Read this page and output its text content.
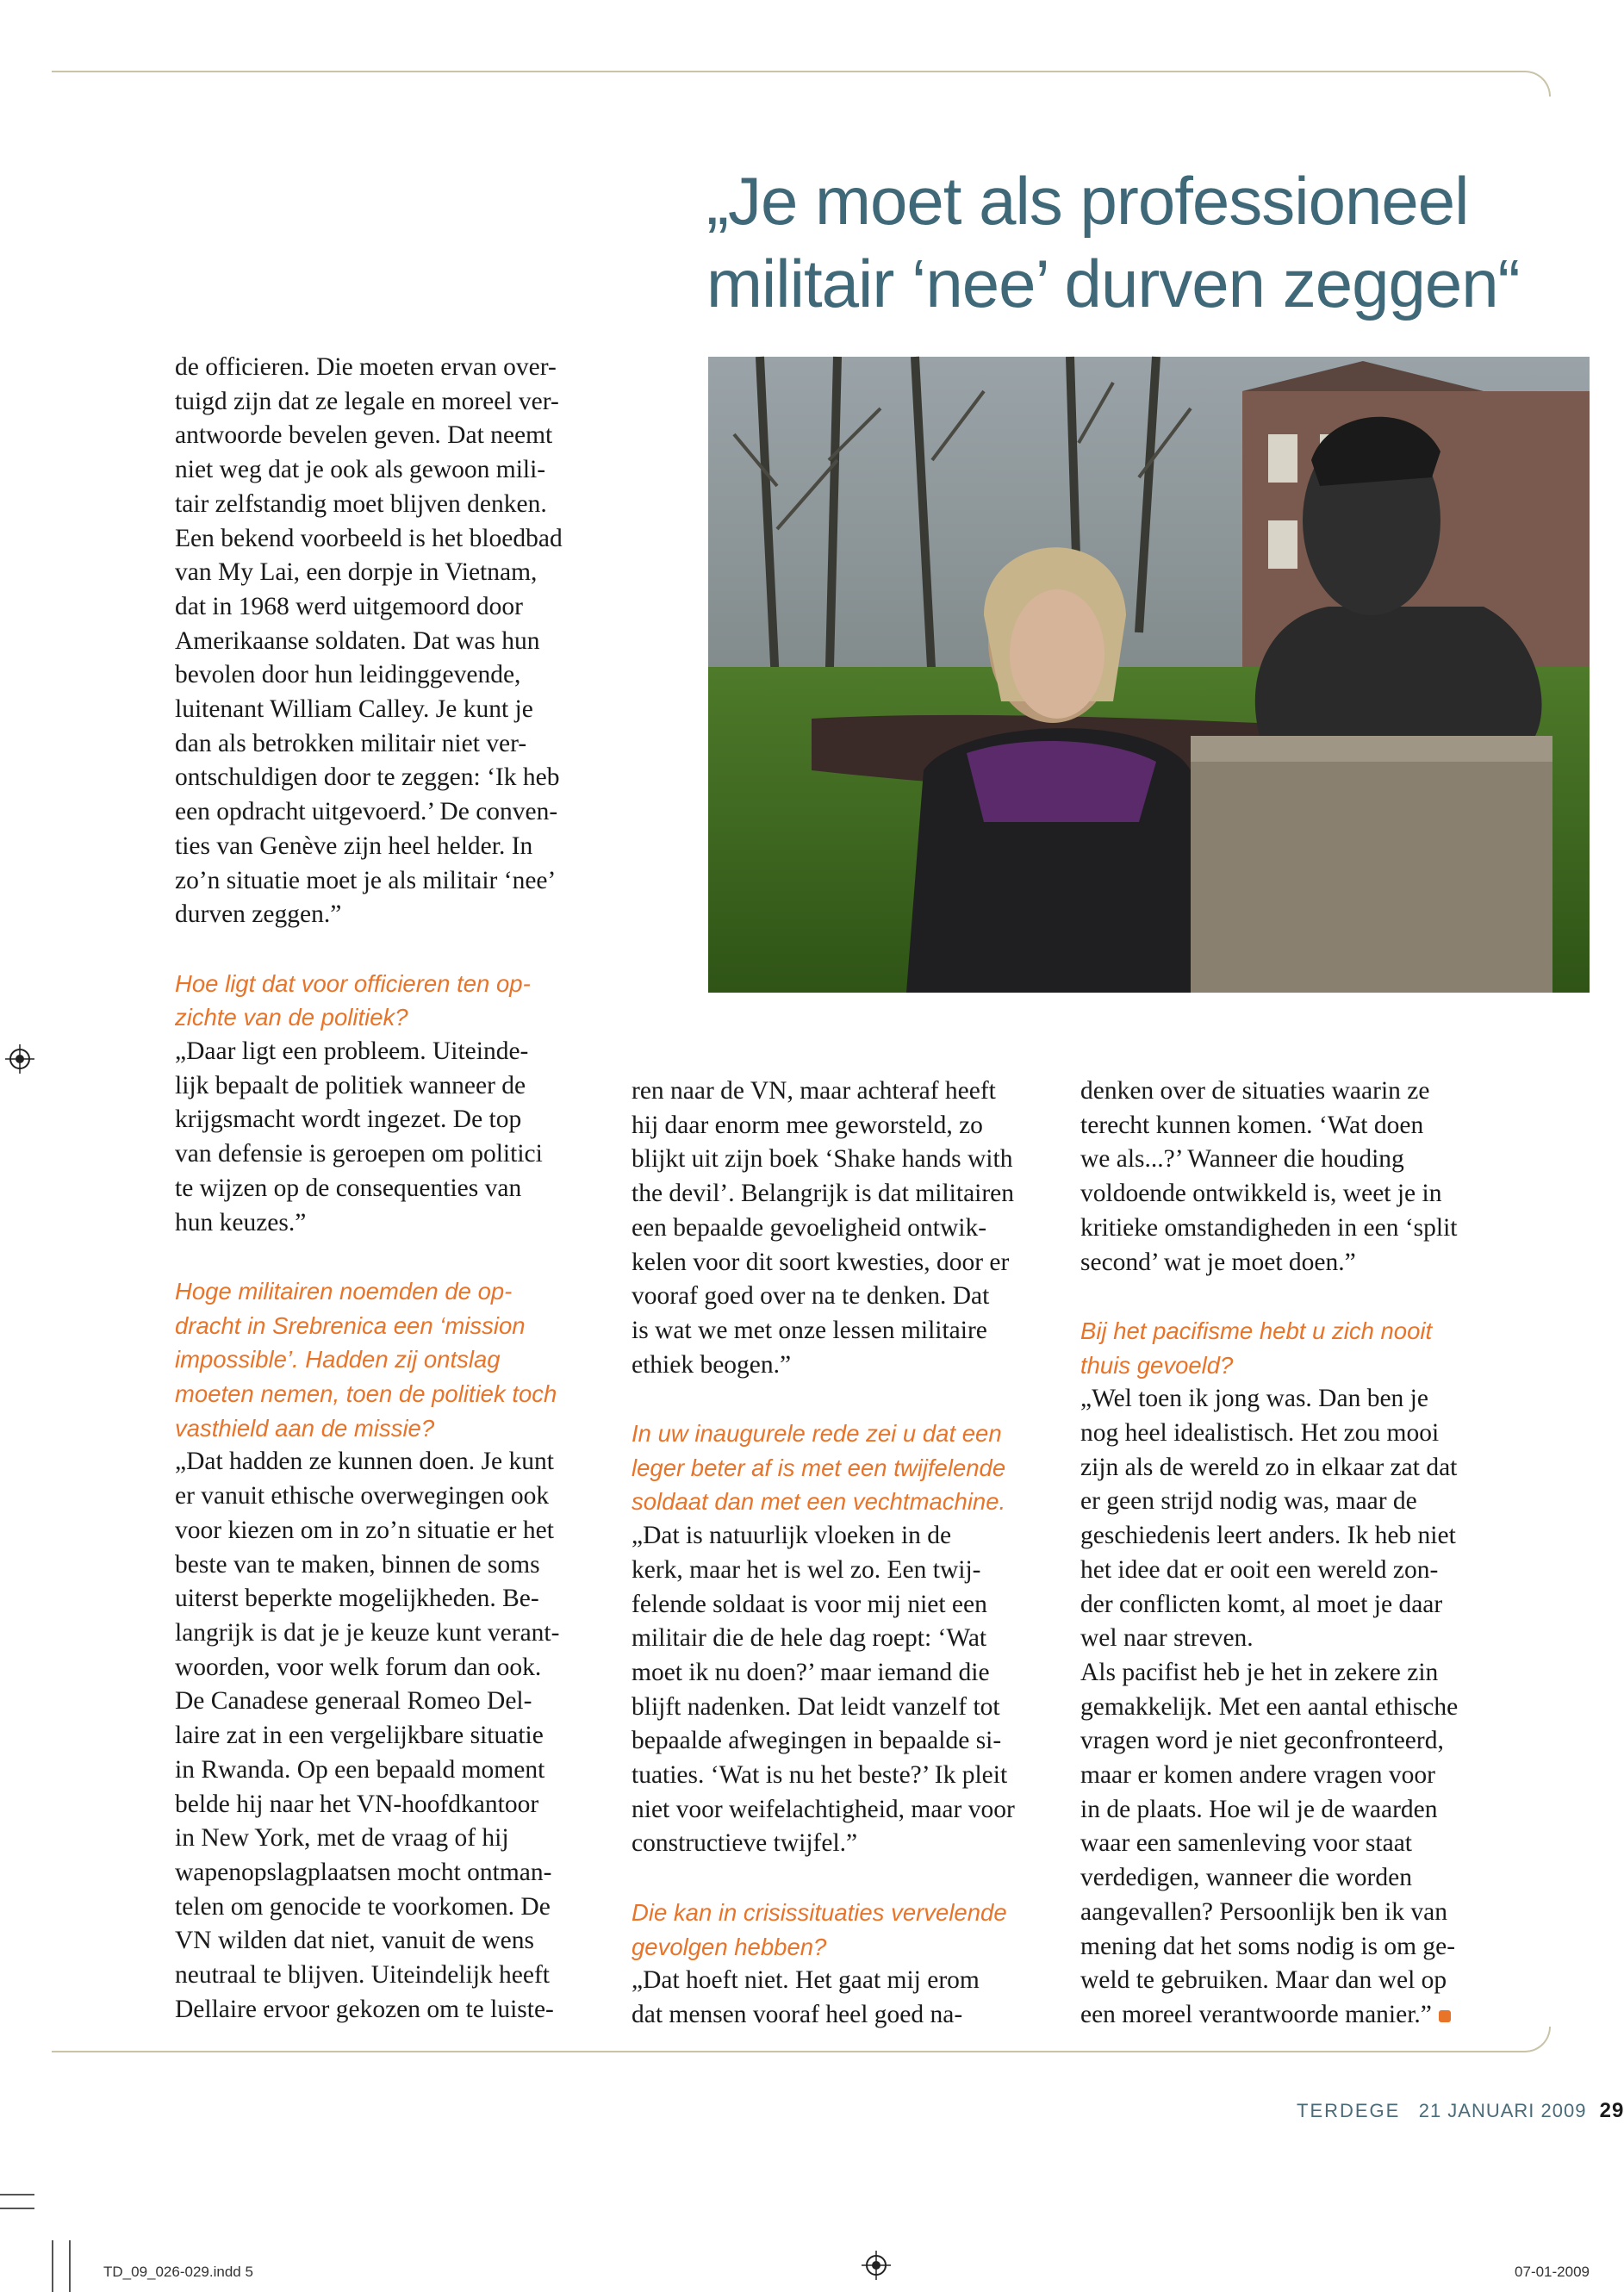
„Je moet als professioneel
militair ‘nee’ durven zeggen“

de officieren. Die moeten ervan over-
tuigd zijn dat ze legale en moreel ver-
antwoorde bevelen geven. Dat neemt
niet weg dat je ook als gewoon mili-
tair zelfstandig moet blijven denken.
Een bekend voorbeeld is het bloedbad
van My Lai, een dorpje in Vietnam,
dat in 1968 werd uitgemoord door
Amerikaanse soldaten. Dat was hun
bevolen door hun leidinggevende,
luitenant William Calley. Je kunt je
dan als betrokken militair niet ver-
ontschuldigen door te zeggen: ‘Ik heb
een opdracht uitgevoerd.’ De conven-
ties van Genève zijn heel helder. In
zo’n situatie moet je als militair ‘nee’
durven zeggen.”

Hoe ligt dat voor officieren ten op-
zichte van de politiek?

„Daar ligt een probleem. Uiteinde-
lijk bepaalt de politiek wanneer de
krijgsmacht wordt ingezet. De top
van defensie is geroepen om politici
te wijzen op de consequenties van
hun keuzes.”

Hoge militairen noemden de op-
dracht in Srebrenica een ‘mission
impossible’. Hadden zij ontslag
moeten nemen, toen de politiek toch
vasthield aan de missie?

„Dat hadden ze kunnen doen. Je kunt
er vanuit ethische overwegingen ook
voor kiezen om in zo’n situatie er het
beste van te maken, binnen de soms
uiterst beperkte mogelijkheden. Be-
langrijk is dat je je keuze kunt verant-
woorden, voor welk forum dan ook.
De Canadese generaal Romeo Del-
laire zat in een vergelijkbare situatie
in Rwanda. Op een bepaald moment
belde hij naar het VN-hoofdkantoor
in New York, met de vraag of hij
wapenopslagplaatsen mocht ontman-
telen om genocide te voorkomen. De
VN wilden dat niet, vanuit de wens
neutraal te blijven. Uiteindelijk heeft
Dellaire ervoor gekozen om te luiste-

ren naar de VN, maar achteraf heeft
hij daar enorm mee geworsteld, zo
blijkt uit zijn boek ‘Shake hands with
the devil’. Belangrijk is dat militairen
een bepaalde gevoeligheid ontwik-
kelen voor dit soort kwesties, door er
vooraf goed over na te denken. Dat
is wat we met onze lessen militaire
ethiek beogen.”

In uw inaugurele rede zei u dat een
leger beter af is met een twijfelende
soldaat dan met een vechtmachine.

„Dat is natuurlijk vloeken in de
kerk, maar het is wel zo. Een twij-
felende soldaat is voor mij niet een
militair die de hele dag roept: ‘Wat
moet ik nu doen?’ maar iemand die
blijft nadenken. Dat leidt vanzelf tot
bepaalde afwegingen in bepaalde si-
tuaties. ‘Wat is nu het beste?’ Ik pleit
niet voor weifelachtigheid, maar voor
constructieve twijfel.”

Die kan in crisissituaties vervelende
gevolgen hebben?

„Dat hoeft niet. Het gaat mij erom
dat mensen vooraf heel goed na-

denken over de situaties waarin ze
terecht kunnen komen. ‘Wat doen
we als...?’ Wanneer die houding
voldoende ontwikkeld is, weet je in
kritieke omstandigheden in een ‘split
second’ wat je moet doen.”

Bij het pacifisme hebt u zich nooit
thuis gevoeld?

„Wel toen ik jong was. Dan ben je
nog heel idealistisch. Het zou mooi
zijn als de wereld zo in elkaar zat dat
er geen strijd nodig was, maar de
geschiedenis leert anders. Ik heb niet
het idee dat er ooit een wereld zon-
der conflicten komt, al moet je daar
wel naar streven.

Als pacifist heb je het in zekere zin
gemakkelijk. Met een aantal ethische
vragen word je niet geconfronteerd,
maar er komen andere vragen voor
in de plaats. Hoe wil je de waarden
waar een samenleving voor staat
verdedigen, wanneer die worden
aangevallen? Persoonlijk ben ik van
mening dat het soms nodig is om ge-
weld te gebruiken. Maar dan wel op
een moreel verantwoorde manier.”

TERDEGE 21 JANUARI 2009 29
TD_09_026-029.indd 5	07-01-2009
